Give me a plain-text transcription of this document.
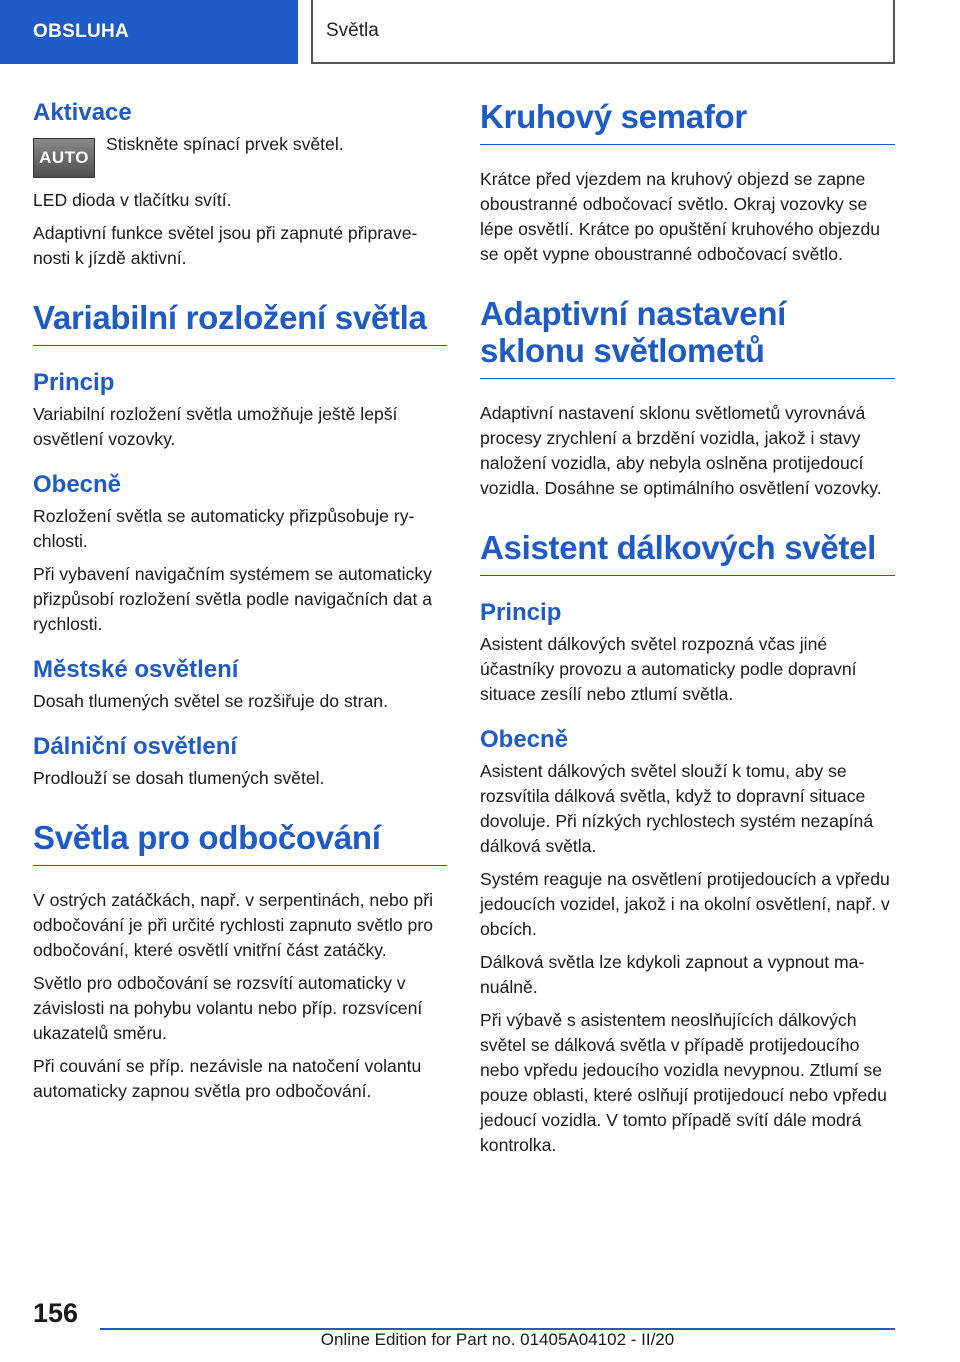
OBSLUHA	Světla
Aktivace
AUTO

Stiskněte spínací prvek světel.

LED dioda v tlačítku svítí.

Adaptivní funkce světel jsou při zapnuté připravenosti k jízdě aktivní.

Variabilní rozložení světla
Princip

Variabilní rozložení světla umožňuje ještě lepší osvětlení vozovky.

Obecně

Rozložení světla se automaticky přizpůsobuje rychlosti.

Při vybavení navigačním systémem se automaticky přizpůsobí rozložení světla podle navigačních dat a rychlosti.

Městské osvětlení

Dosah tlumených světel se rozšiřuje do stran.

Dálniční osvětlení

Prodlouží se dosah tlumených světel.

Světla pro odbočování

V ostrých zatáčkách, např. v serpentinách, nebo při odbočování je při určité rychlosti zapnuto světlo pro odbočování, které osvětlí vnitřní část zatáčky.

Světlo pro odbočování se rozsvítí automaticky v závislosti na pohybu volantu nebo příp. rozsvícení ukazatelů směru.

Při couvání se příp. nezávisle na natočení volantu automaticky zapnou světla pro odbočování.

Kruhový semafor

Krátce před vjezdem na kruhový objezd se zapne oboustranné odbočovací světlo. Okraj vozovky se lépe osvětlí. Krátce po opuštění kruhového objezdu se opět vypne oboustranné odbočovací světlo.

Adaptivní nastavení sklonu světlometů

Adaptivní nastavení sklonu světlometů vyrovnává procesy zrychlení a brzdění vozidla, jakož i stavy naložení vozidla, aby nebyla oslněna protijedoucí vozidla. Dosáhne se optimálního osvětlení vozovky.

Asistent dálkových světel
Princip

Asistent dálkových světel rozpozná včas jiné účastníky provozu a automaticky podle dopravní situace zesílí nebo ztlumí světla.

Obecně

Asistent dálkových světel slouží k tomu, aby se rozsvítila dálková světla, když to dopravní situace dovoluje. Při nízkých rychlostech systém nezapíná dálková světla.

Systém reaguje na osvětlení protijedoucích a vpředu jedoucích vozidel, jakož i na okolní osvětlení, např. v obcích.

Dálková světla lze kdykoli zapnout a vypnout manuálně.

Při výbavě s asistentem neoslňujících dálkových světel se dálková světla v případě protijedoucího nebo vpředu jedoucího vozidla nevypnou. Ztlumí se pouze oblasti, které oslňují protijedoucí nebo vpředu jedoucí vozidla. V tomto případě svítí dále modrá kontrolka.

156
Online Edition for Part no. 01405A04102 - II/20
